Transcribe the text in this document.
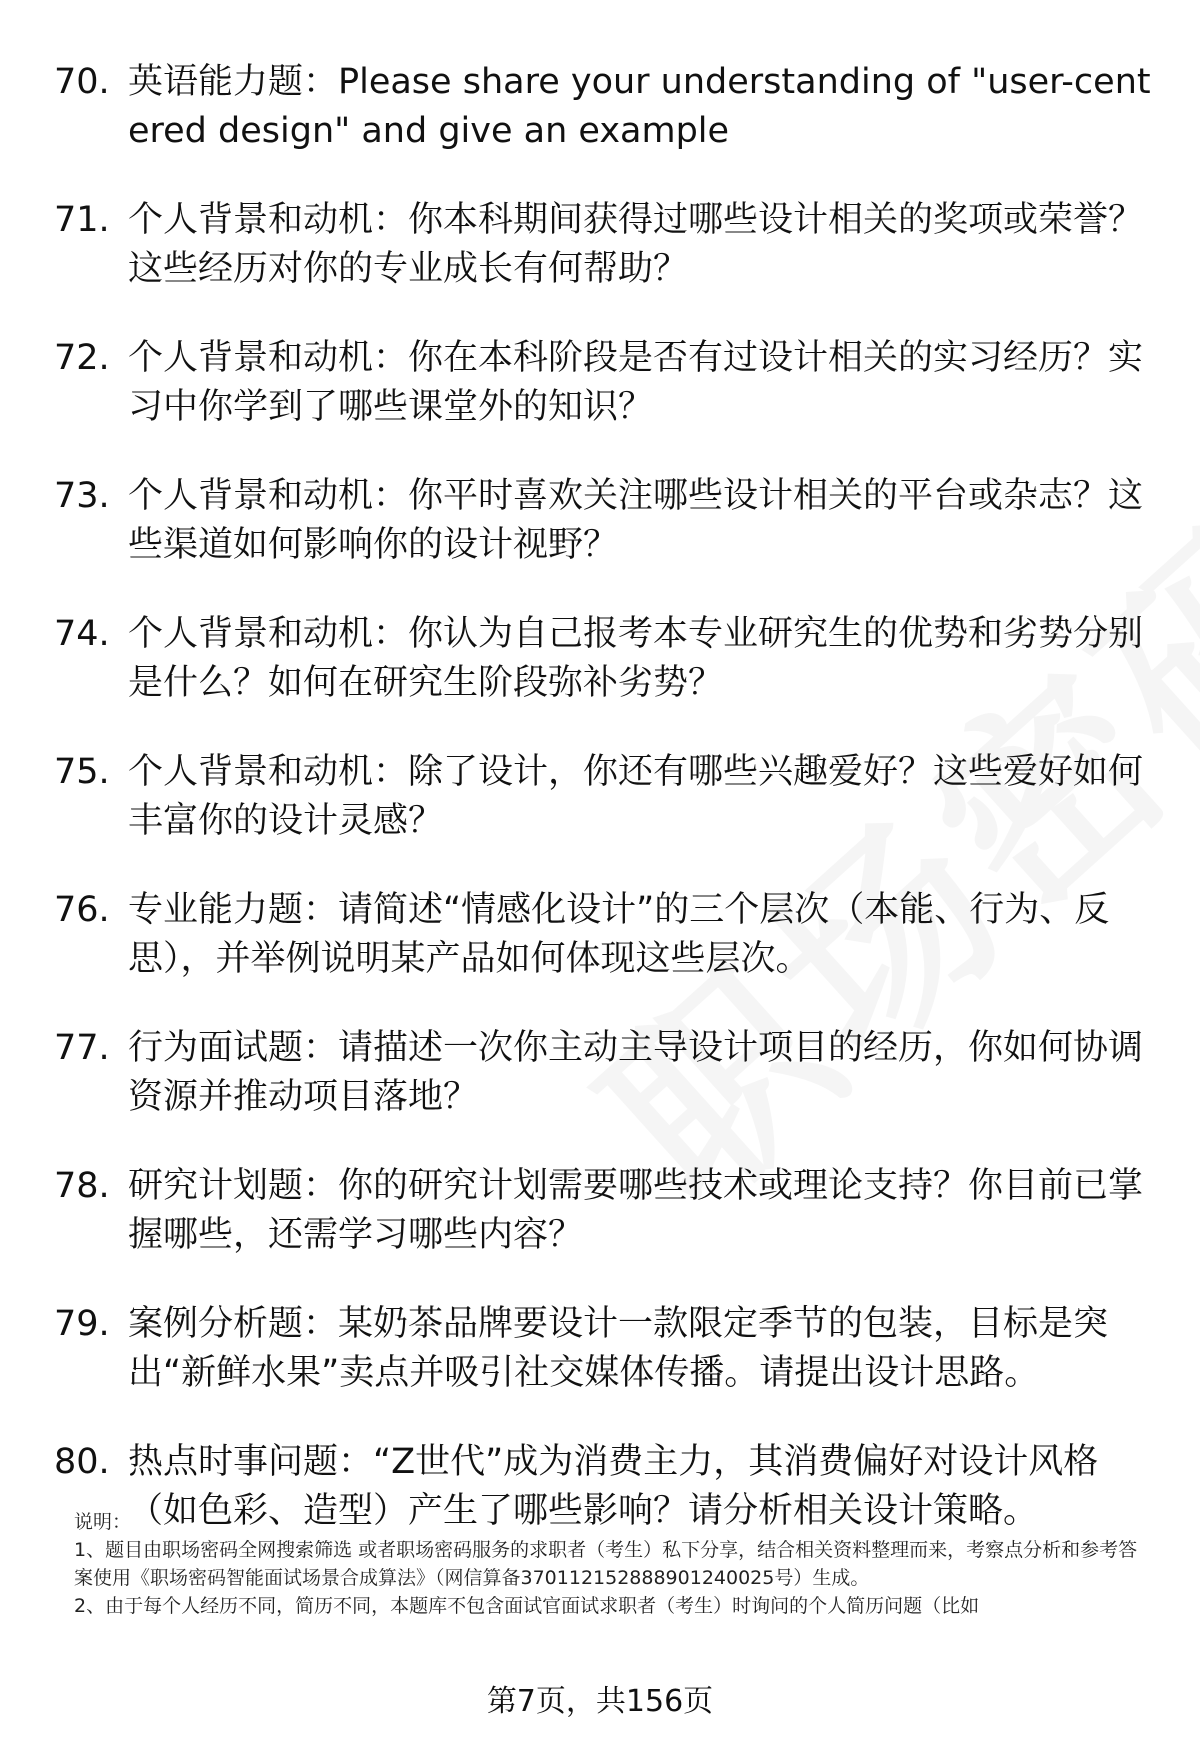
70. 英语能力题：Please share your understanding of "user-centered design" and give an example
71. 个人背景和动机：你本科期间获得过哪些设计相关的奖项或荣誉？这些经历对你的专业成长有何帮助？
72. 个人背景和动机：你在本科阶段是否有过设计相关的实习经历？实习中你学到了哪些课堂外的知识？
73. 个人背景和动机：你平时喜欢关注哪些设计相关的平台或杂志？这些渠道如何影响你的设计视野？
74. 个人背景和动机：你认为自己报考本专业研究生的优势和劣势分别是什么？如何在研究生阶段弥补劣势？
75. 个人背景和动机：除了设计，你还有哪些兴趣爱好？这些爱好如何丰富你的设计灵感？
76. 专业能力题：请简述“情感化设计”的三个层次（本能、行为、反思），并举例说明某产品如何体现这些层次。
77. 行为面试题：请描述一次你主动主导设计项目的经历，你如何协调资源并推动项目落地？
78. 研究计划题：你的研究计划需要哪些技术或理论支持？你目前已掌握哪些，还需学习哪些内容？
79. 案例分析题：某奶茶品牌要设计一款限定季节的包装，目标是突出“新鲜水果”卖点并吸引社交媒体传播。请提出设计思路。
80. 热点时事问题：“Z世代”成为消费主力，其消费偏好对设计风格（如色彩、造型）产生了哪些影响？请分析相关设计策略。

说明：

1、题目由职场密码全网搜索筛选 或者职场密码服务的求职者（考生）私下分享，结合相关资料整理而来，考察点分析和参考答案使用《职场密码智能面试场景合成算法》（网信算备370112152888901240025号）生成。

2、由于每个人经历不同，简历不同，本题库不包含面试官面试求职者（考生）时询问的个人简历问题（比如

第7页，共156页
